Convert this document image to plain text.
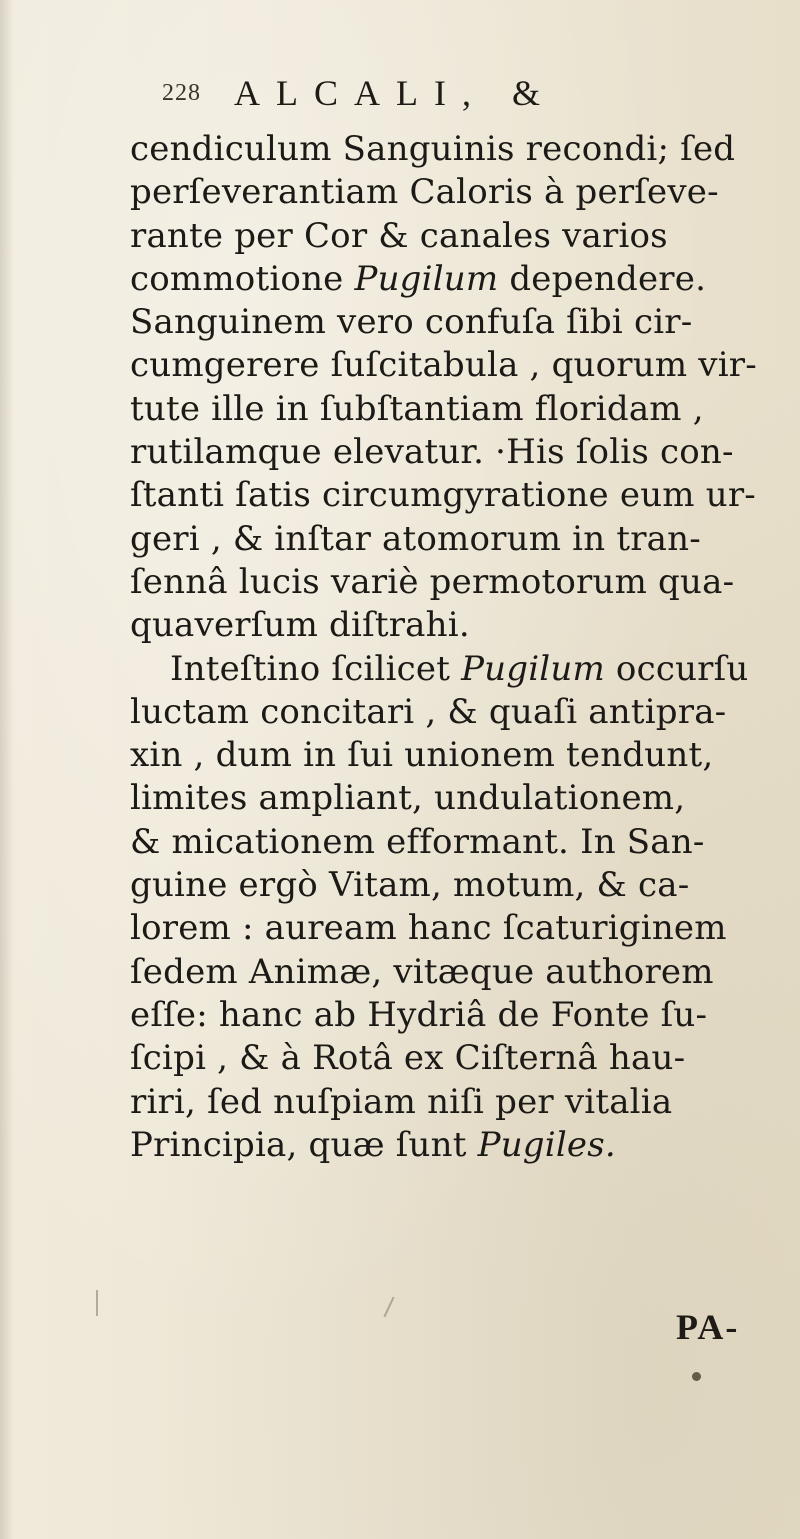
228 ALCALI, &
cendiculum Sanguinis recondi; ſed
perſeverantiam Caloris à perſeve-
rante per Cor & canales varios
commotione Pugilum dependere.
Sanguinem vero confuſa ſibi cir-
cumgerere ſuſcitabula , quorum vir-
tute ille in ſubſtantiam floridam ,
rutilamque elevatur. ·His ſolis con-
ſtanti ſatis circumgyratione eum ur-
geri , & inſtar atomorum in tran-
ſennâ lucis variè permotorum qua-
quaverſum diſtrahi.
Inteſtino ſcilicet Pugilum occurſu
luctam concitari , & quaſi antipra-
xin , dum in ſui unionem tendunt,
limites ampliant, undulationem,
& micationem efformant. In San-
guine ergò Vitam, motum, & ca-
lorem : auream hanc ſcaturiginem
ſedem Animæ, vitæque authorem
eſſe: hanc ab Hydriâ de Fonte ſu-
ſcipi , & à Rotâ ex Ciſternâ hau-
riri, ſed nuſpiam niſi per vitalia
Principia, quæ ſunt Pugiles.
PA-
